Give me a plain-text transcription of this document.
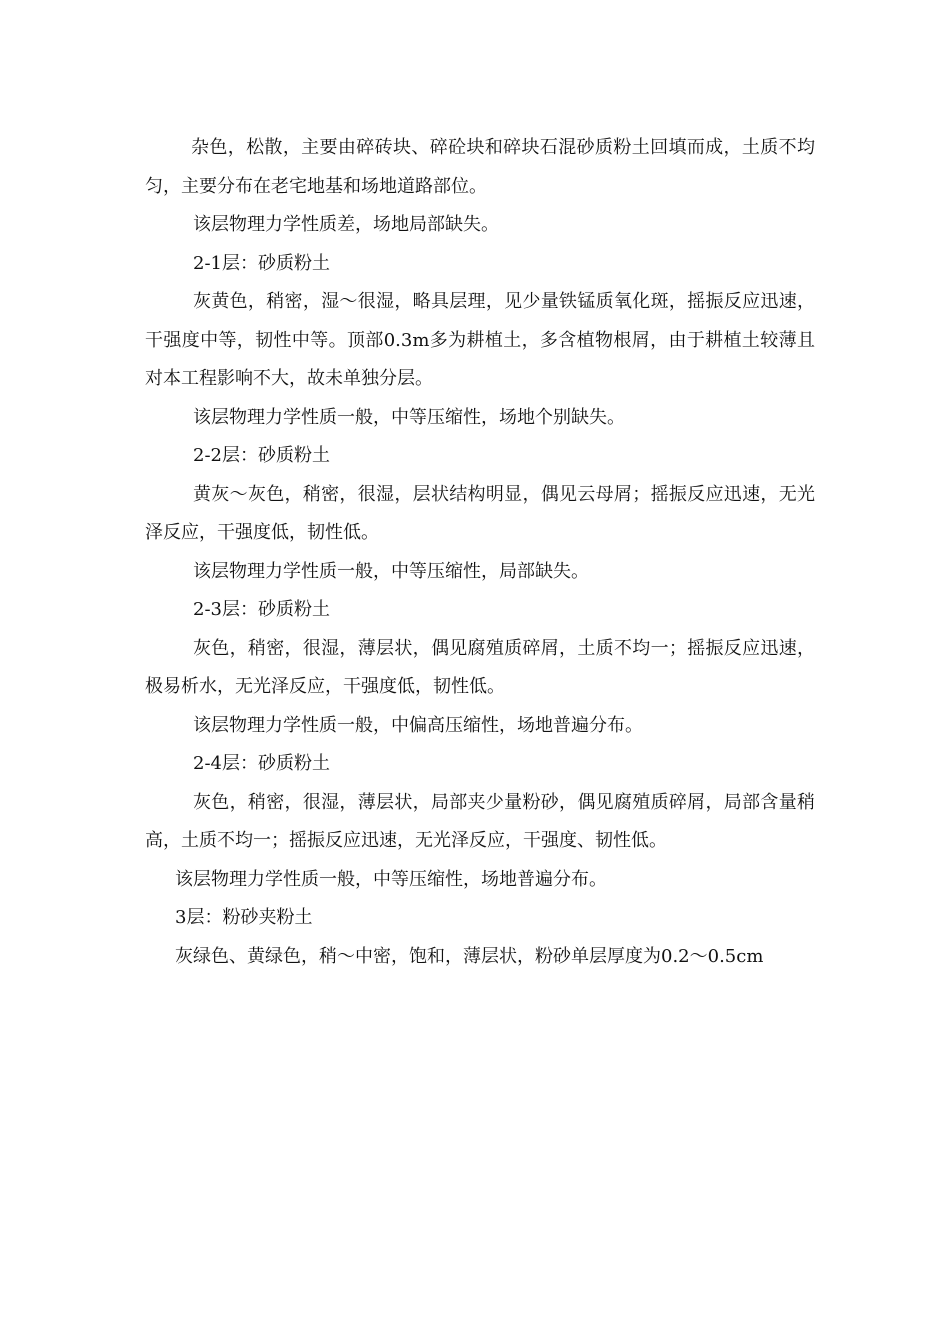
杂色，松散，主要由碎砖块、碎砼块和碎块石混砂质粉土回填而成，土质不均匀，主要分布在老宅地基和场地道路部位。

该层物理力学性质差，场地局部缺失。

2-1层：砂质粉土

灰黄色，稍密，湿～很湿，略具层理，见少量铁锰质氧化斑，摇振反应迅速，干强度中等，韧性中等。顶部0.3m多为耕植土，多含植物根屑，由于耕植土较薄且对本工程影响不大，故未单独分层。

该层物理力学性质一般，中等压缩性，场地个别缺失。

2-2层：砂质粉土

黄灰～灰色，稍密，很湿，层状结构明显，偶见云母屑；摇振反应迅速，无光泽反应，干强度低，韧性低。

该层物理力学性质一般，中等压缩性，局部缺失。

2-3层：砂质粉土

灰色，稍密，很湿，薄层状，偶见腐殖质碎屑，土质不均一；摇振反应迅速，极易析水，无光泽反应，干强度低，韧性低。

该层物理力学性质一般，中偏高压缩性，场地普遍分布。

2-4层：砂质粉土

灰色，稍密，很湿，薄层状，局部夹少量粉砂，偶见腐殖质碎屑，局部含量稍高，土质不均一；摇振反应迅速，无光泽反应，干强度、韧性低。

该层物理力学性质一般，中等压缩性，场地普遍分布。

3层：粉砂夹粉土

灰绿色、黄绿色，稍～中密，饱和，薄层状，粉砂单层厚度为0.2～0.5cm
